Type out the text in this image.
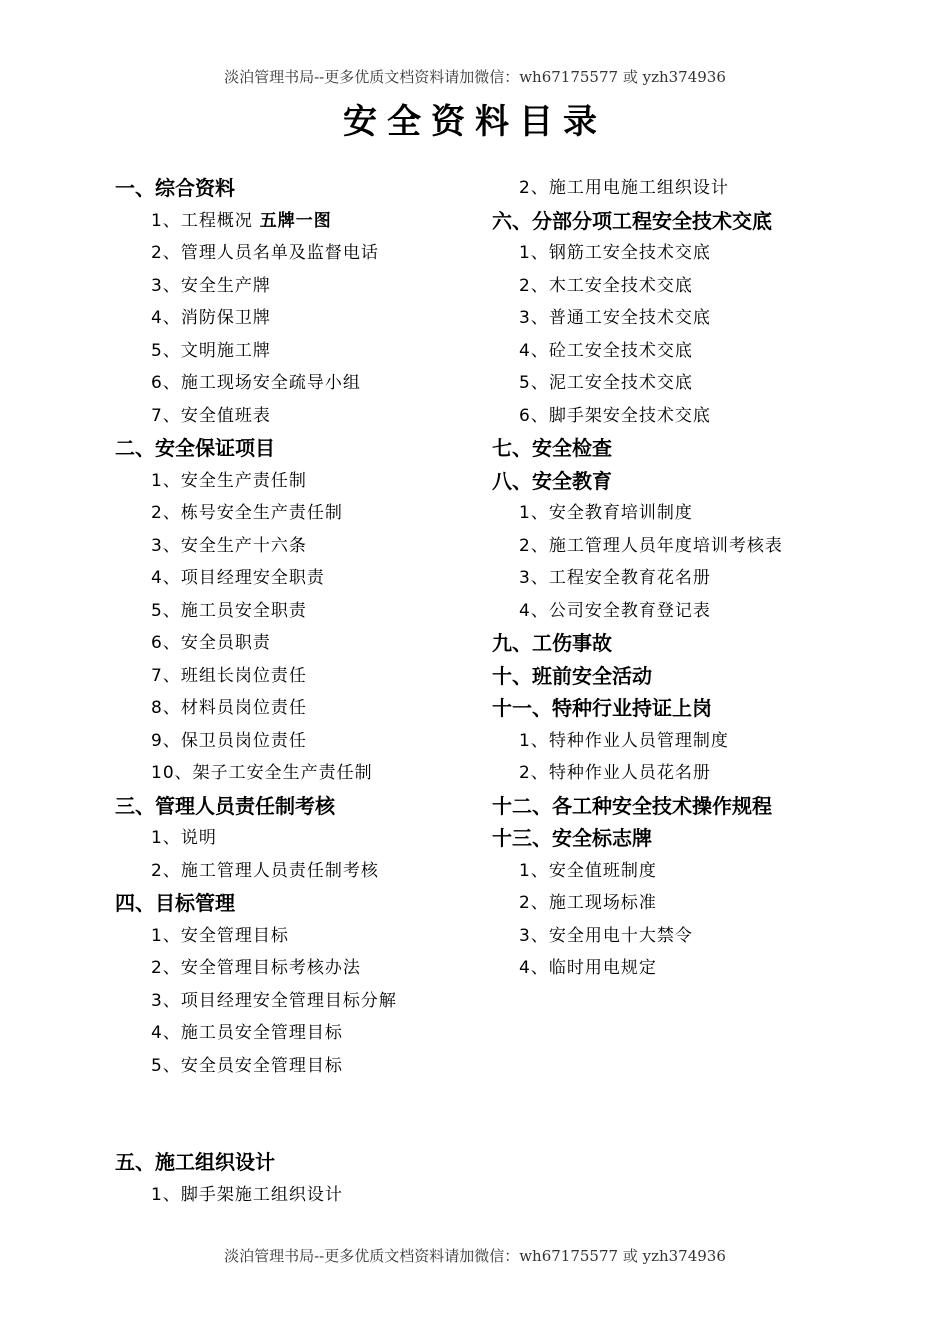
淡泊管理书局--更多优质文档资料请加微信：wh67175577 或 yzh374936
安全资料目录
一、综合资料
1、工程概况 五牌一图
2、管理人员名单及监督电话
3、安全生产牌
4、消防保卫牌
5、文明施工牌
6、施工现场安全疏导小组
7、安全值班表
二、安全保证项目
1、安全生产责任制
2、栋号安全生产责任制
3、安全生产十六条
4、项目经理安全职责
5、施工员安全职责
6、安全员职责
7、班组长岗位责任
8、材料员岗位责任
9、保卫员岗位责任
10、架子工安全生产责任制
三、管理人员责任制考核
1、说明
2、施工管理人员责任制考核
四、目标管理
1、安全管理目标
2、安全管理目标考核办法
3、项目经理安全管理目标分解
4、施工员安全管理目标
5、安全员安全管理目标
五、施工组织设计
1、脚手架施工组织设计
2、施工用电施工组织设计
六、分部分项工程安全技术交底
1、钢筋工安全技术交底
2、木工安全技术交底
3、普通工安全技术交底
4、砼工安全技术交底
5、泥工安全技术交底
6、脚手架安全技术交底
七、安全检查
八、安全教育
1、安全教育培训制度
2、施工管理人员年度培训考核表
3、工程安全教育花名册
4、公司安全教育登记表
九、工伤事故
十、班前安全活动
十一、特种行业持证上岗
1、特种作业人员管理制度
2、特种作业人员花名册
十二、各工种安全技术操作规程
十三、安全标志牌
1、安全值班制度
2、施工现场标准
3、安全用电十大禁令
4、临时用电规定
淡泊管理书局--更多优质文档资料请加微信：wh67175577 或 yzh374936
